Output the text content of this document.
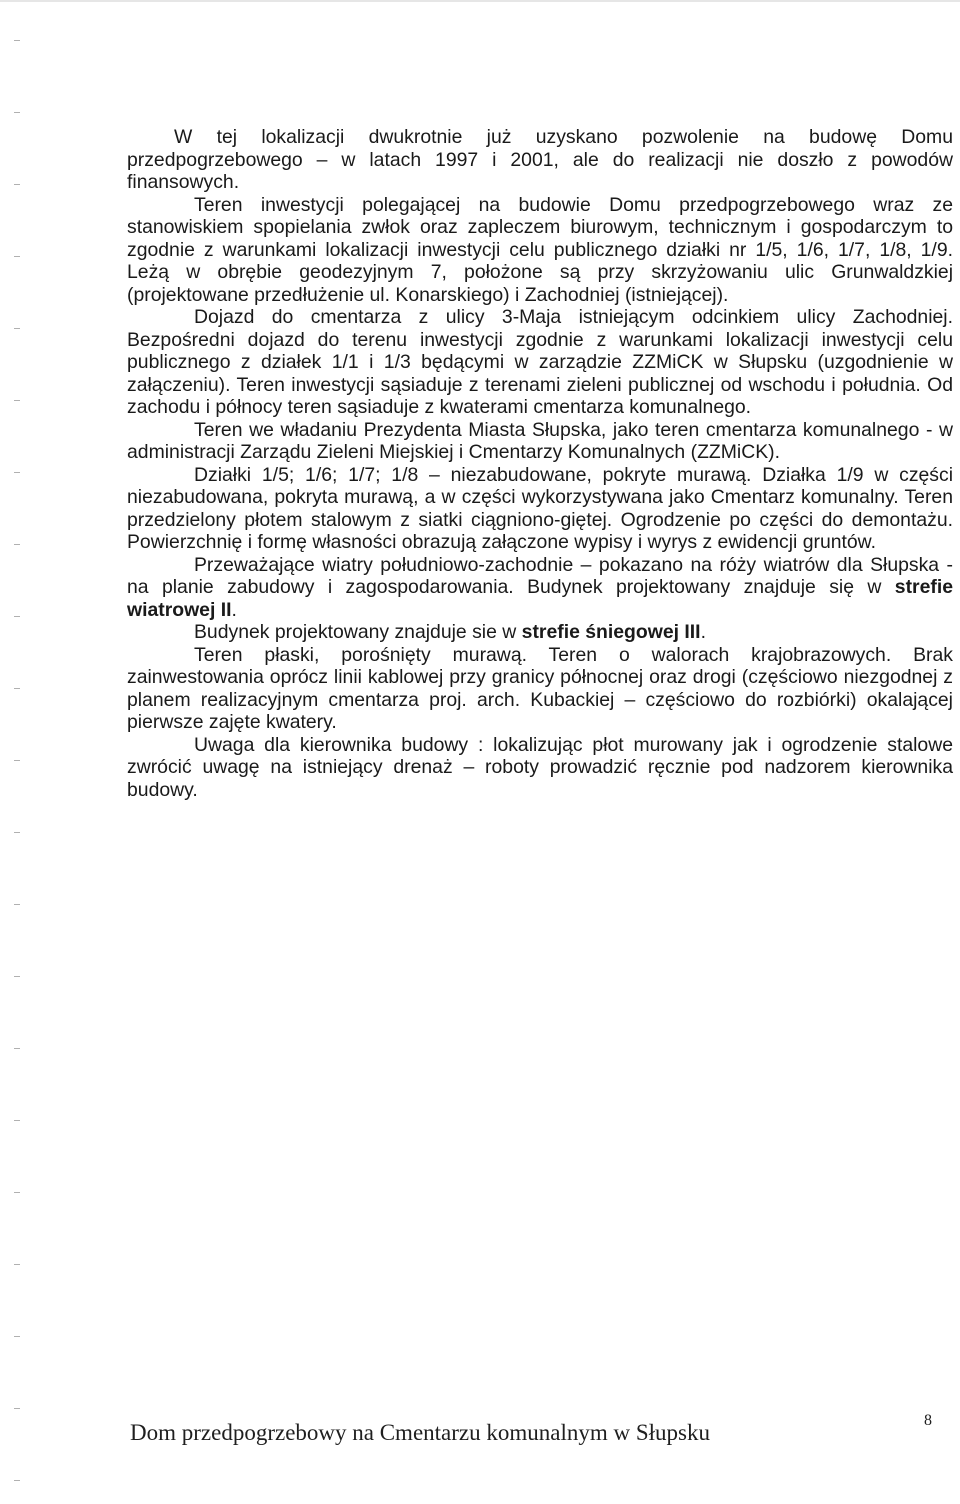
W tej lokalizacji dwukrotnie już uzyskano pozwolenie na budowę Domu przedpogrzebowego – w latach 1997 i 2001, ale do realizacji nie doszło z powodów finansowych.

Teren inwestycji polegającej na budowie Domu przedpogrzebowego wraz ze stanowiskiem spopielania zwłok oraz zapleczem biurowym, technicznym i gospodarczym to zgodnie z warunkami lokalizacji inwestycji celu publicznego działki nr 1/5, 1/6, 1/7, 1/8, 1/9. Leżą w obrębie geodezyjnym 7, położone są przy skrzyżowaniu ulic Grunwaldzkiej (projektowane przedłużenie ul. Konarskiego) i Zachodniej (istniejącej).

Dojazd do cmentarza z ulicy 3-Maja istniejącym odcinkiem ulicy Zachodniej. Bezpośredni dojazd do terenu inwestycji zgodnie z warunkami lokalizacji inwestycji celu publicznego z działek 1/1 i 1/3 będącymi w zarządzie ZZMiCK w Słupsku (uzgodnienie w załączeniu). Teren inwestycji sąsiaduje z terenami zieleni publicznej od wschodu i południa. Od zachodu i północy teren sąsiaduje z kwaterami cmentarza komunalnego.

Teren we władaniu Prezydenta Miasta Słupska, jako teren cmentarza komunalnego - w administracji Zarządu Zieleni Miejskiej i Cmentarzy Komunalnych (ZZMiCK).

Działki 1/5; 1/6; 1/7; 1/8 – niezabudowane, pokryte murawą. Działka 1/9 w części niezabudowana, pokryta murawą, a w części wykorzystywana jako Cmentarz komunalny. Teren przedzielony płotem stalowym z siatki ciągniono-giętej. Ogrodzenie po części do demontażu. Powierzchnię i formę własności obrazują załączone wypisy i wyrys z ewidencji gruntów.

Przeważające wiatry południowo-zachodnie – pokazano na róży wiatrów dla Słupska - na planie zabudowy i zagospodarowania. Budynek projektowany znajduje się w strefie wiatrowej II.

Budynek projektowany znajduje sie w strefie śniegowej III.

Teren płaski, porośnięty murawą. Teren o walorach krajobrazowych. Brak zainwestowania oprócz linii kablowej przy granicy północnej oraz drogi (częściowo niezgodnej z planem realizacyjnym cmentarza proj. arch. Kubackiej – częściowo do rozbiórki) okalającej pierwsze zajęte kwatery.

Uwaga dla kierownika budowy : lokalizując płot murowany jak i ogrodzenie stalowe zwrócić uwagę na istniejący drenaż – roboty prowadzić ręcznie pod nadzorem kierownika budowy.

Dom przedpogrzebowy na Cmentarzu komunalnym w Słupsku	8
